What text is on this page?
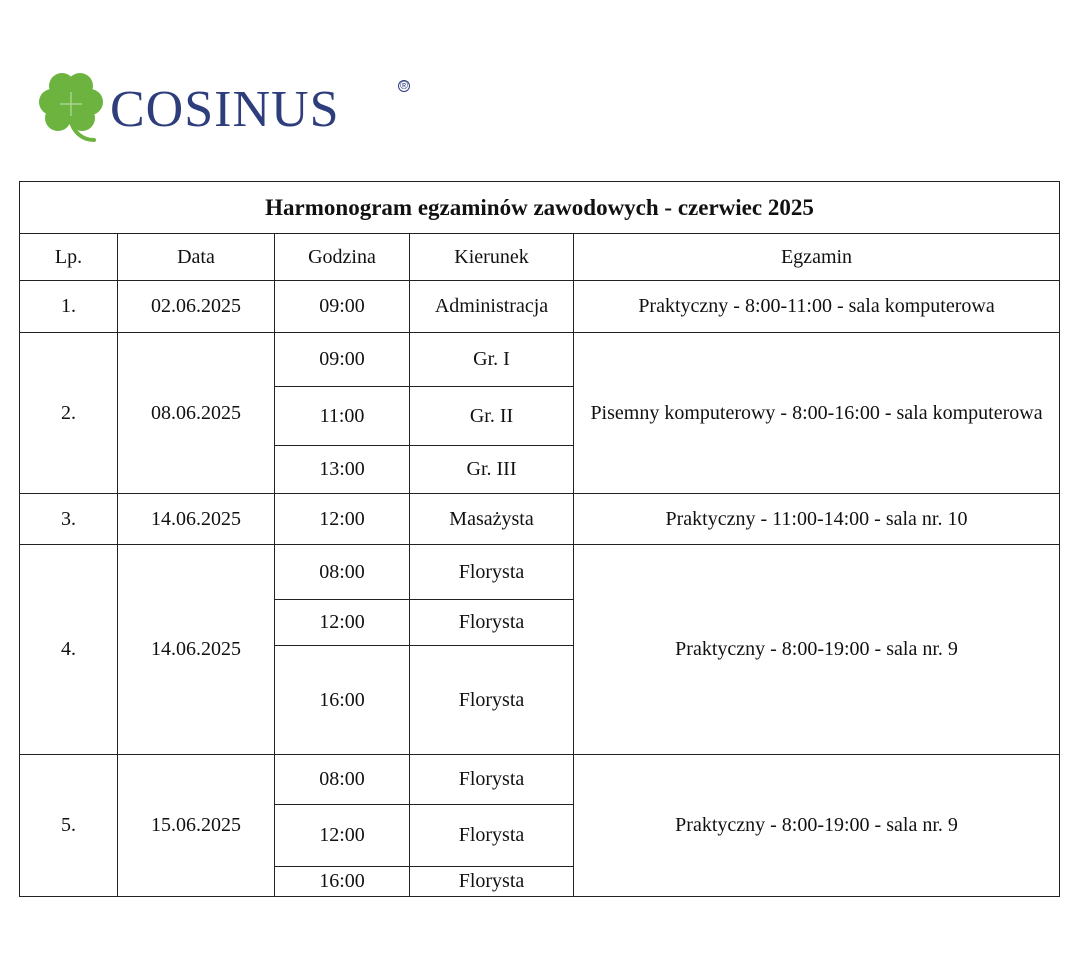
COSINUS	®
Harmonogram egzaminów zawodowych - czerwiec 2025				
Lp.	Data	Godzina	Kierunek	Egzamin
1.	02.06.2025	09:00	Administracja	Praktyczny - 8:00-11:00 - sala komputerowa
2.	08.06.2025	09:00	Gr. I	Pisemny komputerowy - 8:00-16:00 - sala komputerowa
		11:00	Gr. II	
		13:00	Gr. III	
3.	14.06.2025	12:00	Masażysta	Praktyczny - 11:00-14:00 - sala nr. 10
4.	14.06.2025	08:00	Florysta	Praktyczny - 8:00-19:00 - sala nr. 9
		12:00	Florysta	
		16:00	Florysta	
5.	15.06.2025	08:00	Florysta	Praktyczny - 8:00-19:00 - sala nr. 9
		12:00	Florysta	
		16:00	Florysta	
